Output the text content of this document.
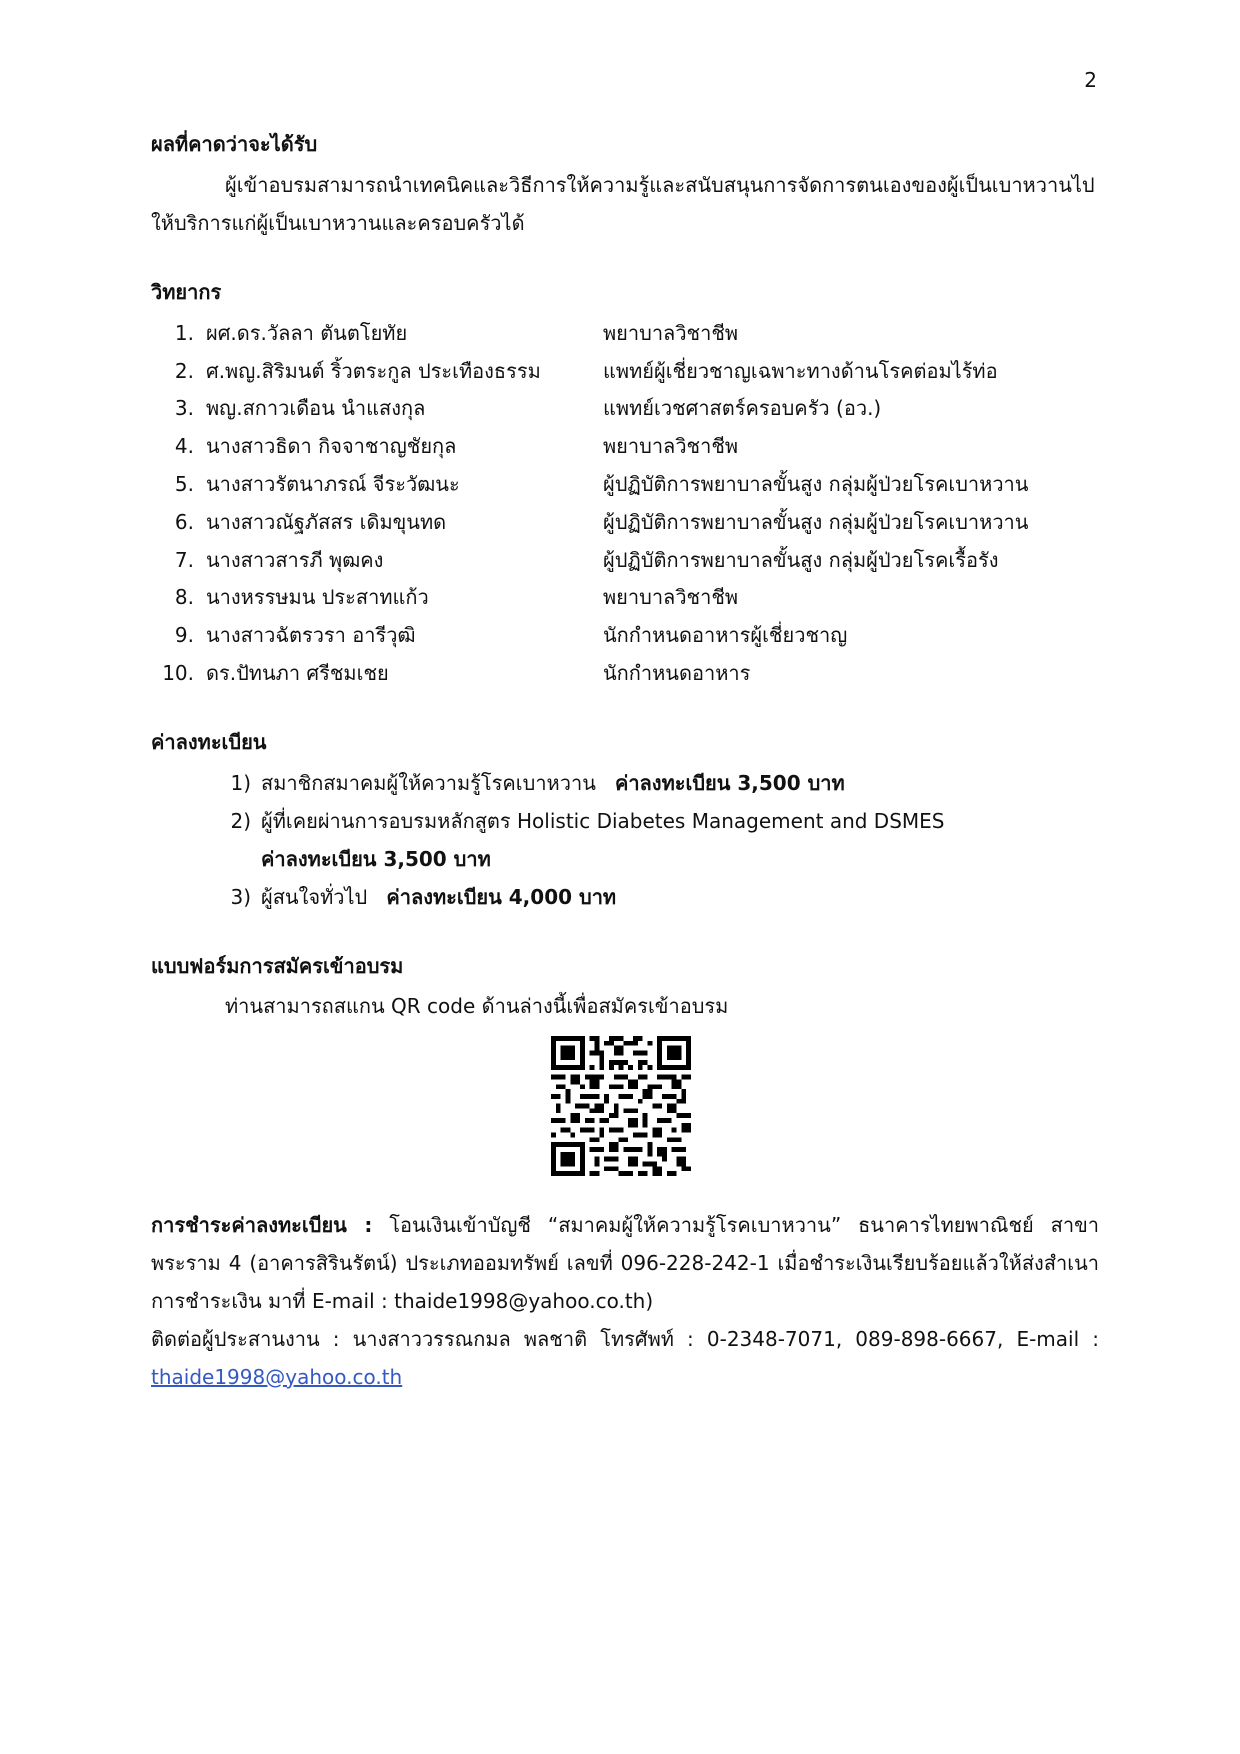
2

ผลที่คาดว่าจะได้รับ

ผู้เข้าอบรมสามารถนำเทคนิคและวิธีการให้ความรู้และสนับสนุนการจัดการตนเองของผู้เป็นเบาหวานไปให้บริการแก่ผู้เป็นเบาหวานและครอบครัวได้

วิทยากร

1. ผศ.ดร.วัลลา ตันตโยทัย	พยาบาลวิชาชีพ
2. ศ.พญ.สิริมนต์ ริ้วตระกูล ประเทืองธรรม	แพทย์ผู้เชี่ยวชาญเฉพาะทางด้านโรคต่อมไร้ท่อ
3. พญ.สกาวเดือน นำแสงกุล	แพทย์เวชศาสตร์ครอบครัว (อว.)
4. นางสาวธิดา กิจจาชาญชัยกุล	พยาบาลวิชาชีพ
5. นางสาวรัตนาภรณ์ จีระวัฒนะ	ผู้ปฏิบัติการพยาบาลขั้นสูง กลุ่มผู้ป่วยโรคเบาหวาน
6. นางสาวณัฐภัสสร เดิมขุนทด	ผู้ปฏิบัติการพยาบาลขั้นสูง กลุ่มผู้ป่วยโรคเบาหวาน
7. นางสาวสารภี พุฒคง	ผู้ปฏิบัติการพยาบาลขั้นสูง กลุ่มผู้ป่วยโรคเรื้อรัง
8. นางหรรษมน ประสาทแก้ว	พยาบาลวิชาชีพ
9. นางสาวฉัตรวรา อารีวุฒิ	นักกำหนดอาหารผู้เชี่ยวชาญ
10. ดร.ปัทนภา ศรีชมเชย	นักกำหนดอาหาร

ค่าลงทะเบียน

1) สมาชิกสมาคมผู้ให้ความรู้โรคเบาหวาน   ค่าลงทะเบียน 3,500 บาท
2) ผู้ที่เคยผ่านการอบรมหลักสูตร Holistic Diabetes Management and DSMES
ค่าลงทะเบียน 3,500 บาท
3) ผู้สนใจทั่วไป   ค่าลงทะเบียน 4,000 บาท

แบบฟอร์มการสมัครเข้าอบรม

ท่านสามารถสแกน QR code ด้านล่างนี้เพื่อสมัครเข้าอบรม

การชำระค่าลงทะเบียน : โอนเงินเข้าบัญชี “สมาคมผู้ให้ความรู้โรคเบาหวาน” ธนาคารไทยพาณิชย์ สาขาพระราม 4 (อาคารสิรินรัตน์) ประเภทออมทรัพย์ เลขที่ 096-228-242-1 เมื่อชำระเงินเรียบร้อยแล้วให้ส่งสำเนาการชำระเงิน มาที่ E-mail : thaide1998@yahoo.co.th)
ติดต่อผู้ประสานงาน : นางสาววรรณกมล พลชาติ โทรศัพท์ : 0-2348-7071, 089-898-6667, E-mail : thaide1998@yahoo.co.th
